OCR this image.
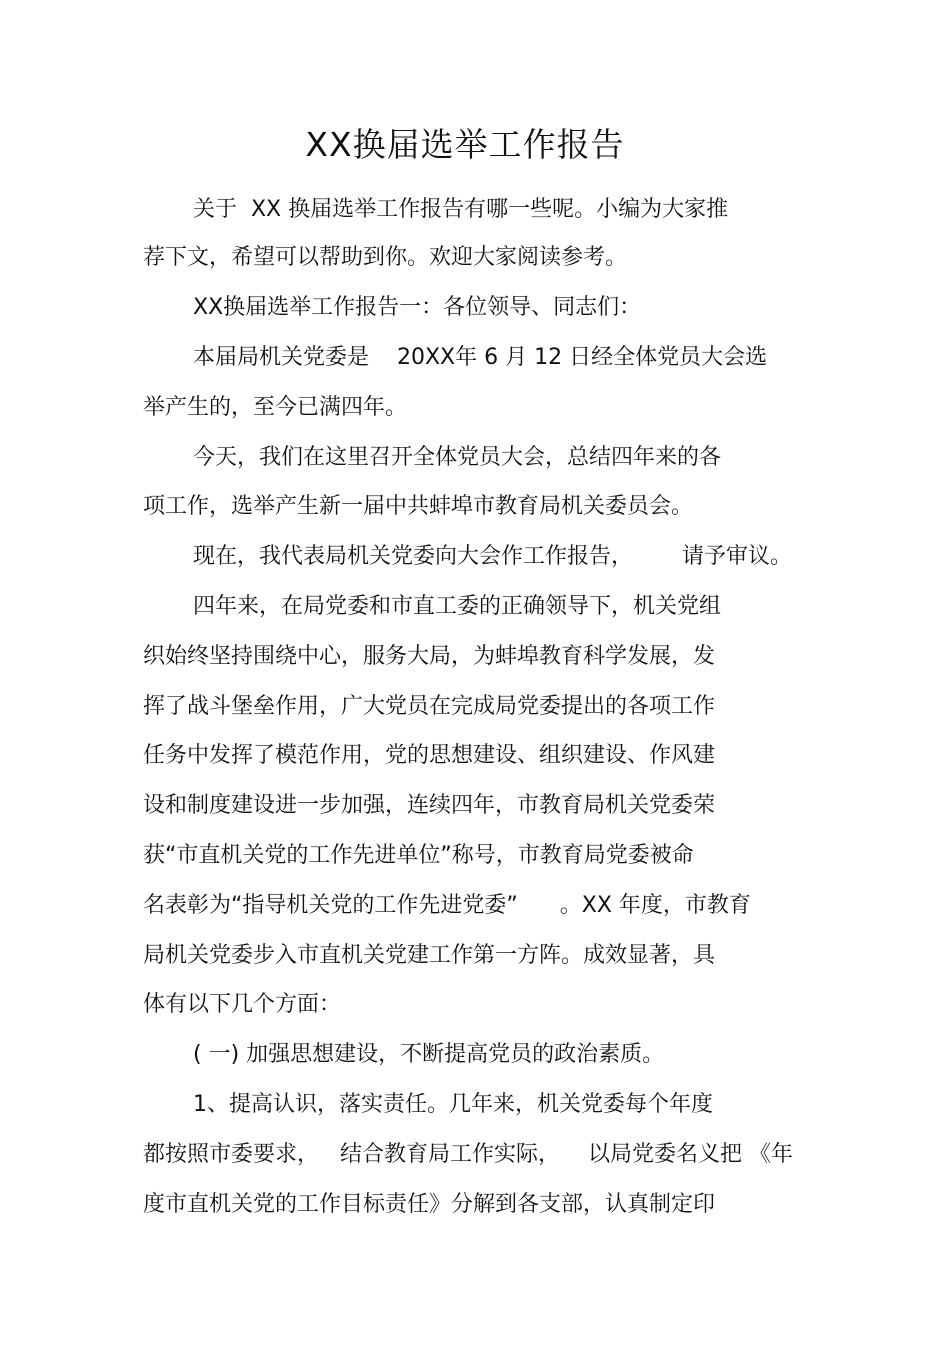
XX换届选举工作报告
关于  XX 换届选举工作报告有哪一些呢。小编为大家推
荐下文，希望可以帮助到你。欢迎大家阅读参考。
XX换届选举工作报告一：各位领导、同志们：
本届局机关党委是    20XX年 6 月 12 日经全体党员大会选
举产生的，至今已满四年。
今天，我们在这里召开全体党员大会，总结四年来的各
项工作，选举产生新一届中共蚌埠市教育局机关委员会。
现在，我代表局机关党委向大会作工作报告，       请予审议。
四年来，在局党委和市直工委的正确领导下，机关党组
织始终坚持围绕中心，服务大局，为蚌埠教育科学发展，发
挥了战斗堡垒作用，广大党员在完成局党委提出的各项工作
任务中发挥了模范作用，党的思想建设、组织建设、作风建
设和制度建设进一步加强，连续四年，市教育局机关党委荣
获“市直机关党的工作先进单位”称号，市教育局党委被命
名表彰为“指导机关党的工作先进党委”      。XX 年度，市教育
局机关党委步入市直机关党建工作第一方阵。成效显著，具
体有以下几个方面：
( 一) 加强思想建设，不断提高党员的政治素质。
1、提高认识，落实责任。几年来，机关党委每个年度
都按照市委要求，   结合教育局工作实际，    以局党委名义把 《年
度市直机关党的工作目标责任》分解到各支部，认真制定印
